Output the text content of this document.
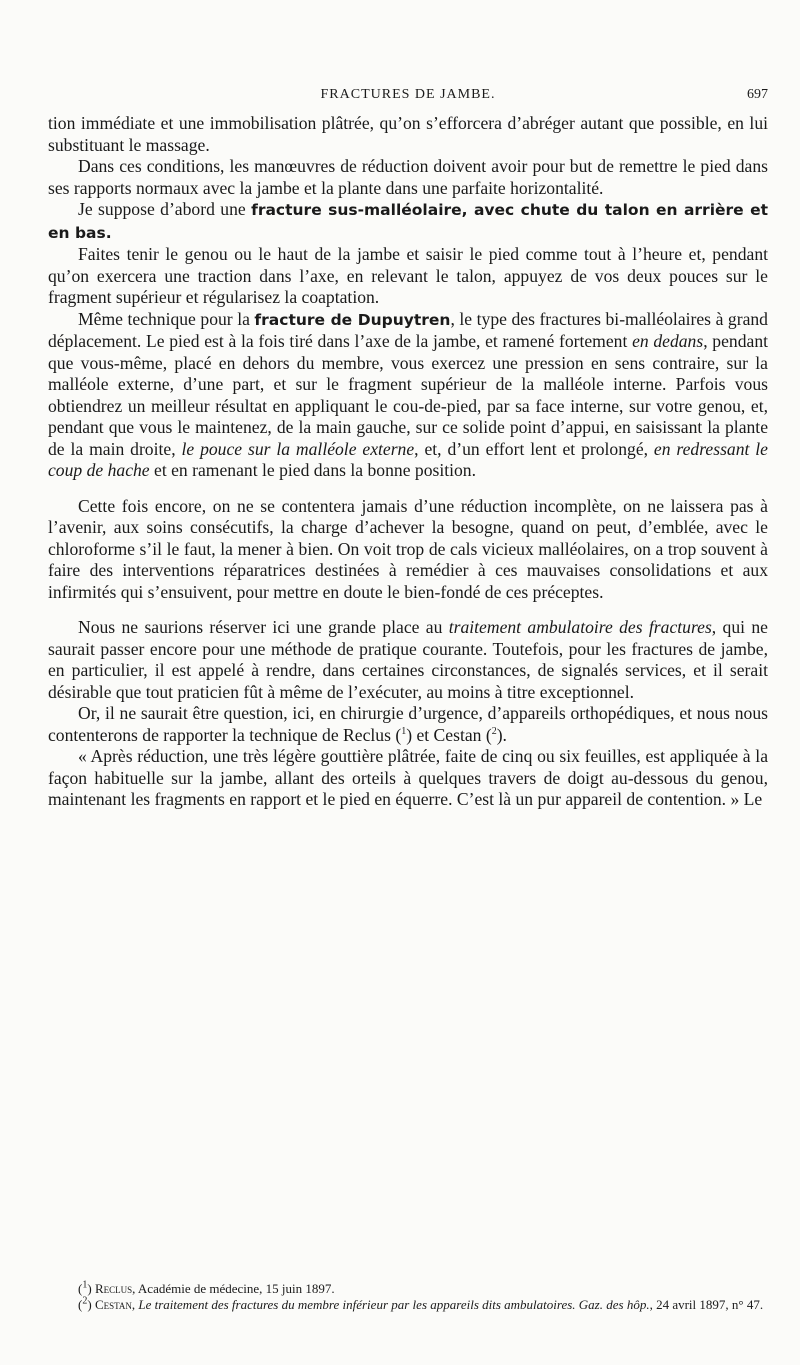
FRACTURES DE JAMBE.	697

tion immédiate et une immobilisation plâtrée, qu’on s’efforcera d’abréger autant que possible, en lui substituant le massage.

Dans ces conditions, les manœuvres de réduction doivent avoir pour but de remettre le pied dans ses rapports normaux avec la jambe et la plante dans une parfaite horizontalité.

Je suppose d’abord une fracture sus-malléolaire, avec chute du talon en arrière et en bas.

Faites tenir le genou ou le haut de la jambe et saisir le pied comme tout à l’heure et, pendant qu’on exercera une traction dans l’axe, en relevant le talon, appuyez de vos deux pouces sur le fragment supérieur et régularisez la coaptation.

Même technique pour la fracture de Dupuytren, le type des fractures bi-malléolaires à grand déplacement. Le pied est à la fois tiré dans l’axe de la jambe, et ramené fortement en dedans, pendant que vous-même, placé en dehors du membre, vous exercez une pression en sens contraire, sur la malléole externe, d’une part, et sur le fragment supérieur de la malléole interne. Parfois vous obtiendrez un meilleur résultat en appliquant le cou-de-pied, par sa face interne, sur votre genou, et, pendant que vous le maintenez, de la main gauche, sur ce solide point d’appui, en saisissant la plante de la main droite, le pouce sur la malléole externe, et, d’un effort lent et prolongé, en redressant le coup de hache et en ramenant le pied dans la bonne position.

Cette fois encore, on ne se contentera jamais d’une réduction incomplète, on ne laissera pas à l’avenir, aux soins consécutifs, la charge d’achever la besogne, quand on peut, d’emblée, avec le chloroforme s’il le faut, la mener à bien. On voit trop de cals vicieux malléolaires, on a trop souvent à faire des interventions réparatrices destinées à remédier à ces mauvaises consolidations et aux infirmités qui s’ensuivent, pour mettre en doute le bien-fondé de ces préceptes.

Nous ne saurions réserver ici une grande place au traitement ambulatoire des fractures, qui ne saurait passer encore pour une méthode de pratique courante. Toutefois, pour les fractures de jambe, en particulier, il est appelé à rendre, dans certaines circonstances, de signalés services, et il serait désirable que tout praticien fût à même de l’exécuter, au moins à titre exceptionnel.

Or, il ne saurait être question, ici, en chirurgie d’urgence, d’appareils orthopédiques, et nous nous contenterons de rapporter la technique de Reclus ($^1$) et Cestan ($^2$).

« Après réduction, une très légère gouttière plâtrée, faite de cinq ou six feuilles, est appliquée à la façon habituelle sur la jambe, allant des orteils à quelques travers de doigt au-dessous du genou, maintenant les fragments en rapport et le pied en équerre. C’est là un pur appareil de contention. » Le

($^1$) Reclus, Académie de médecine, 15 juin 1897.

($^2$) Cestan, Le traitement des fractures du membre inférieur par les appareils dits ambulatoires. Gaz. des hôp., 24 avril 1897, n° 47.
